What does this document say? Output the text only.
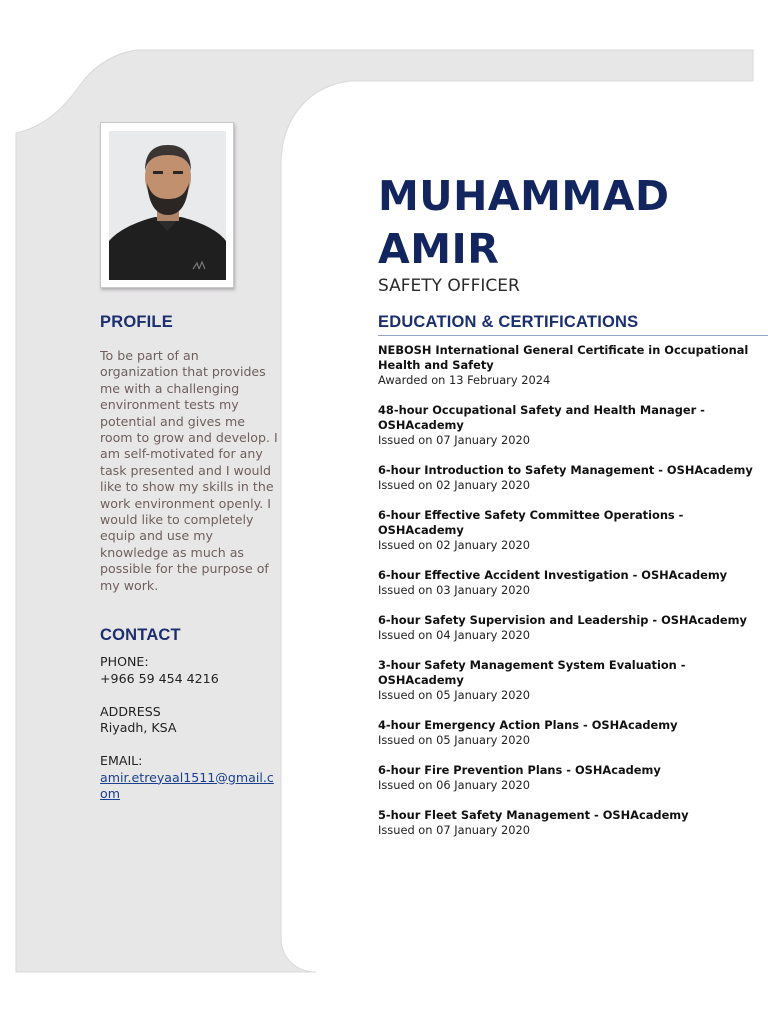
PROFILE

To be part of an organization that provides me with a challenging environment tests my potential and gives me room to grow and develop. I am self-motivated for any task presented and I would like to show my skills in the work environment openly. I would like to completely equip and use my knowledge as much as possible for the purpose of my work.

CONTACT
PHONE:
+966 59 454 4216
ADDRESS
Riyadh, KSA
EMAIL:
amir.etreyaal1511@gmail.com
MUHAMMAD
AMIR

SAFETY OFFICER

EDUCATION & CERTIFICATIONS
NEBOSH International General Certificate in Occupational Health and Safety
Awarded on 13 February 2024
48-hour Occupational Safety and Health Manager - OSHAcademy
Issued on 07 January 2020
6-hour Introduction to Safety Management - OSHAcademy
Issued on 02 January 2020
6-hour Effective Safety Committee Operations - OSHAcademy
Issued on 02 January 2020
6-hour Effective Accident Investigation - OSHAcademy
Issued on 03 January 2020
6-hour Safety Supervision and Leadership - OSHAcademy
Issued on 04 January 2020
3-hour Safety Management System Evaluation - OSHAcademy
Issued on 05 January 2020
4-hour Emergency Action Plans - OSHAcademy
Issued on 05 January 2020
6-hour Fire Prevention Plans - OSHAcademy
Issued on 06 January 2020
5-hour Fleet Safety Management - OSHAcademy
Issued on 07 January 2020
